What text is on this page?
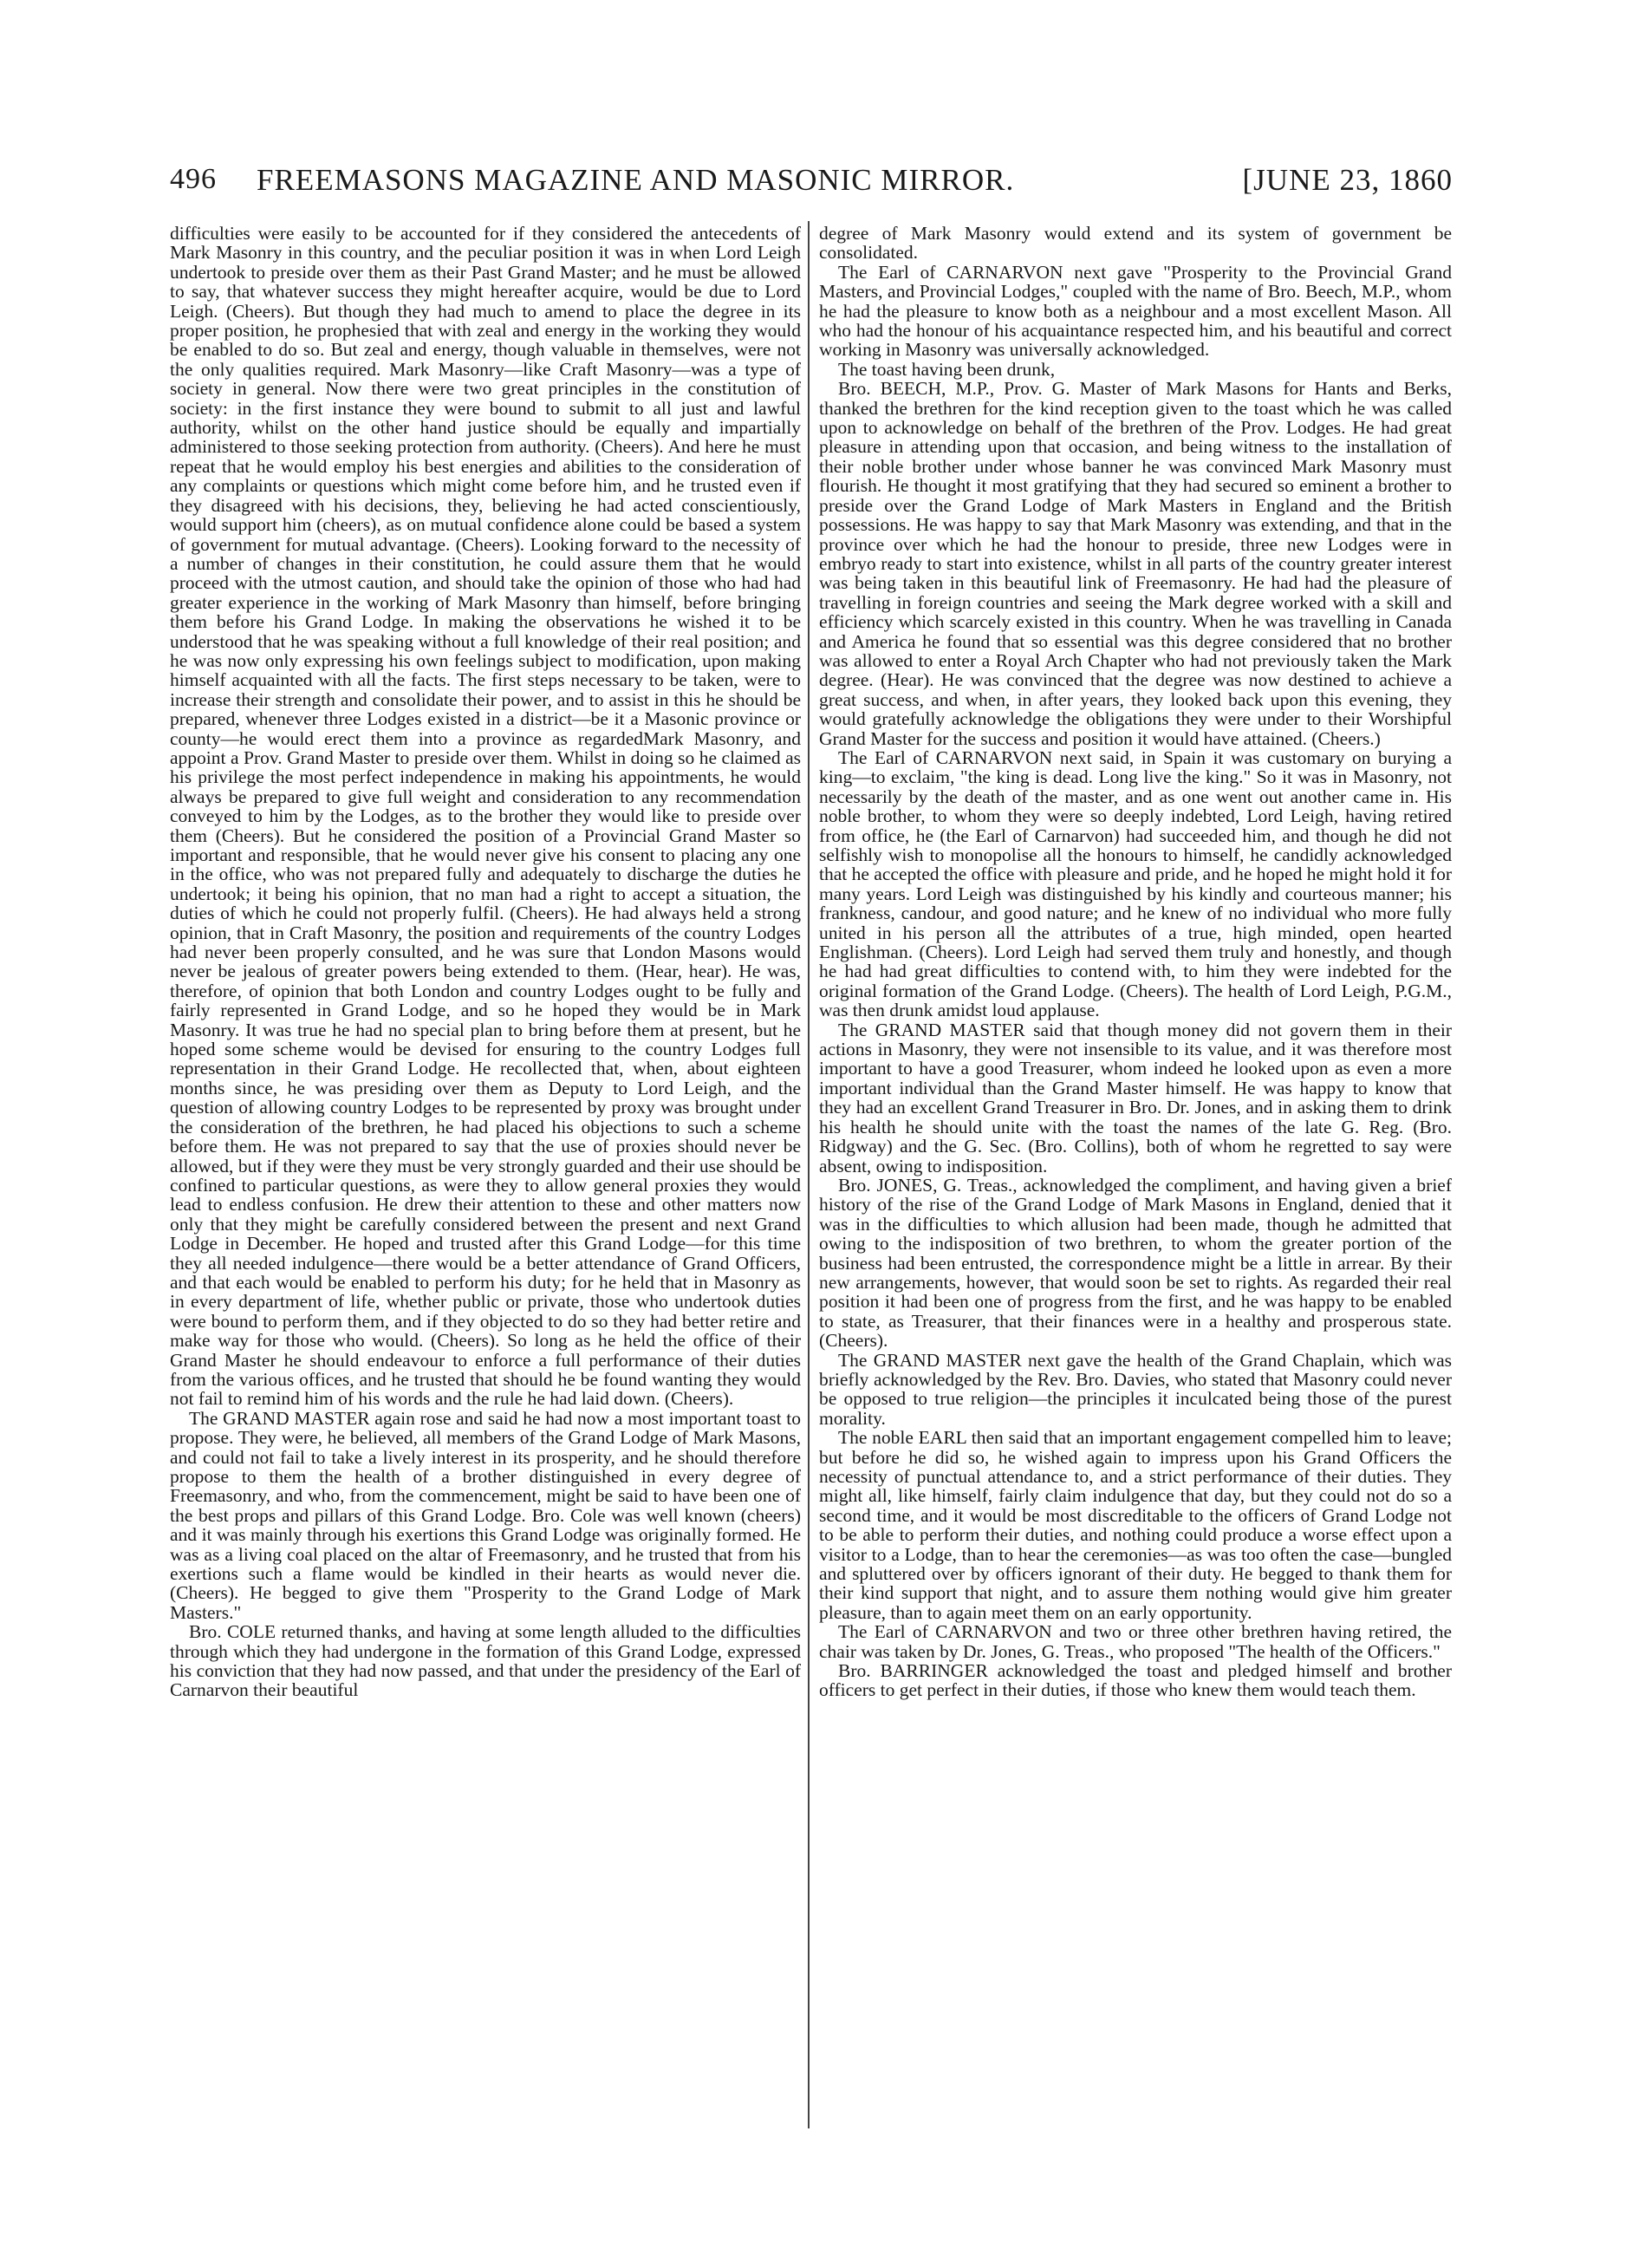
496 FREEMASONS MAGAZINE AND MASONIC MIRROR.	[JUNE 23, 1860

difficulties were easily to be accounted for if they considered the antecedents of Mark Masonry in this country, and the peculiar position it was in when Lord Leigh undertook to preside over them as their Past Grand Master; and he must be allowed to say, that whatever success they might hereafter acquire, would be due to Lord Leigh. (Cheers). But though they had much to amend to place the degree in its proper position, he prophesied that with zeal and energy in the working they would be enabled to do so. But zeal and energy, though valuable in themselves, were not the only qualities required. Mark Masonry—like Craft Masonry—was a type of society in general. Now there were two great principles in the constitution of society: in the first instance they were bound to submit to all just and lawful authority, whilst on the other hand justice should be equally and impartially administered to those seeking protection from authority. (Cheers). And here he must repeat that he would employ his best energies and abilities to the consideration of any complaints or questions which might come before him, and he trusted even if they disagreed with his decisions, they, believing he had acted conscientiously, would support him (cheers), as on mutual confidence alone could be based a system of government for mutual advantage. (Cheers). Looking forward to the necessity of a number of changes in their constitution, he could assure them that he would proceed with the utmost caution, and should take the opinion of those who had had greater experience in the working of Mark Masonry than himself, before bringing them before his Grand Lodge. In making the observations he wished it to be understood that he was speaking without a full knowledge of their real position; and he was now only expressing his own feelings subject to modification, upon making himself acquainted with all the facts. The first steps necessary to be taken, were to increase their strength and consolidate their power, and to assist in this he should be prepared, whenever three Lodges existed in a district—be it a Masonic province or county—he would erect them into a province as regardedMark Masonry, and appoint a Prov. Grand Master to preside over them. Whilst in doing so he claimed as his privilege the most perfect independence in making his appointments, he would always be prepared to give full weight and consideration to any recommendation conveyed to him by the Lodges, as to the brother they would like to preside over them (Cheers). But he considered the position of a Provincial Grand Master so important and responsible, that he would never give his consent to placing any one in the office, who was not prepared fully and adequately to discharge the duties he undertook; it being his opinion, that no man had a right to accept a situation, the duties of which he could not properly fulfil. (Cheers). He had always held a strong opinion, that in Craft Masonry, the position and requirements of the country Lodges had never been properly consulted, and he was sure that London Masons would never be jealous of greater powers being extended to them. (Hear, hear). He was, therefore, of opinion that both London and country Lodges ought to be fully and fairly represented in Grand Lodge, and so he hoped they would be in Mark Masonry. It was true he had no special plan to bring before them at present, but he hoped some scheme would be devised for ensuring to the country Lodges full representation in their Grand Lodge. He recollected that, when, about eighteen months since, he was presiding over them as Deputy to Lord Leigh, and the question of allowing country Lodges to be represented by proxy was brought under the consideration of the brethren, he had placed his objections to such a scheme before them. He was not prepared to say that the use of proxies should never be allowed, but if they were they must be very strongly guarded and their use should be confined to particular questions, as were they to allow general proxies they would lead to endless confusion. He drew their attention to these and other matters now only that they might be carefully considered between the present and next Grand Lodge in December. He hoped and trusted after this Grand Lodge—for this time they all needed indulgence—there would be a better attendance of Grand Officers, and that each would be enabled to perform his duty; for he held that in Masonry as in every department of life, whether public or private, those who undertook duties were bound to perform them, and if they objected to do so they had better retire and make way for those who would. (Cheers). So long as he held the office of their Grand Master he should endeavour to enforce a full performance of their duties from the various offices, and he trusted that should he be found wanting they would not fail to remind him of his words and the rule he had laid down. (Cheers).

The GRAND MASTER again rose and said he had now a most important toast to propose. They were, he believed, all members of the Grand Lodge of Mark Masons, and could not fail to take a lively interest in its prosperity, and he should therefore propose to them the health of a brother distinguished in every degree of Freemasonry, and who, from the commencement, might be said to have been one of the best props and pillars of this Grand Lodge. Bro. Cole was well known (cheers) and it was mainly through his exertions this Grand Lodge was originally formed. He was as a living coal placed on the altar of Freemasonry, and he trusted that from his exertions such a flame would be kindled in their hearts as would never die. (Cheers). He begged to give them "Prosperity to the Grand Lodge of Mark Masters."

Bro. COLE returned thanks, and having at some length alluded to the difficulties through which they had undergone in the formation of this Grand Lodge, expressed his conviction that they had now passed, and that under the presidency of the Earl of Carnarvon their beautiful

degree of Mark Masonry would extend and its system of government be consolidated.

The Earl of CARNARVON next gave "Prosperity to the Provincial Grand Masters, and Provincial Lodges," coupled with the name of Bro. Beech, M.P., whom he had the pleasure to know both as a neighbour and a most excellent Mason. All who had the honour of his acquaintance respected him, and his beautiful and correct working in Masonry was universally acknowledged.

The toast having been drunk,

Bro. BEECH, M.P., Prov. G. Master of Mark Masons for Hants and Berks, thanked the brethren for the kind reception given to the toast which he was called upon to acknowledge on behalf of the brethren of the Prov. Lodges. He had great pleasure in attending upon that occasion, and being witness to the installation of their noble brother under whose banner he was convinced Mark Masonry must flourish. He thought it most gratifying that they had secured so eminent a brother to preside over the Grand Lodge of Mark Masters in England and the British possessions. He was happy to say that Mark Masonry was extending, and that in the province over which he had the honour to preside, three new Lodges were in embryo ready to start into existence, whilst in all parts of the country greater interest was being taken in this beautiful link of Freemasonry. He had had the pleasure of travelling in foreign countries and seeing the Mark degree worked with a skill and efficiency which scarcely existed in this country. When he was travelling in Canada and America he found that so essential was this degree considered that no brother was allowed to enter a Royal Arch Chapter who had not previously taken the Mark degree. (Hear). He was convinced that the degree was now destined to achieve a great success, and when, in after years, they looked back upon this evening, they would gratefully acknowledge the obligations they were under to their Worshipful Grand Master for the success and position it would have attained. (Cheers.)

The Earl of CARNARVON next said, in Spain it was customary on burying a king—to exclaim, "the king is dead. Long live the king." So it was in Masonry, not necessarily by the death of the master, and as one went out another came in. His noble brother, to whom they were so deeply indebted, Lord Leigh, having retired from office, he (the Earl of Carnarvon) had succeeded him, and though he did not selfishly wish to monopolise all the honours to himself, he candidly acknowledged that he accepted the office with pleasure and pride, and he hoped he might hold it for many years. Lord Leigh was distinguished by his kindly and courteous manner; his frankness, candour, and good nature; and he knew of no individual who more fully united in his person all the attributes of a true, high minded, open hearted Englishman. (Cheers). Lord Leigh had served them truly and honestly, and though he had had great difficulties to contend with, to him they were indebted for the original formation of the Grand Lodge. (Cheers). The health of Lord Leigh, P.G.M., was then drunk amidst loud applause.

The GRAND MASTER said that though money did not govern them in their actions in Masonry, they were not insensible to its value, and it was therefore most important to have a good Treasurer, whom indeed he looked upon as even a more important individual than the Grand Master himself. He was happy to know that they had an excellent Grand Treasurer in Bro. Dr. Jones, and in asking them to drink his health he should unite with the toast the names of the late G. Reg. (Bro. Ridgway) and the G. Sec. (Bro. Collins), both of whom he regretted to say were absent, owing to indisposition.

Bro. JONES, G. Treas., acknowledged the compliment, and having given a brief history of the rise of the Grand Lodge of Mark Masons in England, denied that it was in the difficulties to which allusion had been made, though he admitted that owing to the indisposition of two brethren, to whom the greater portion of the business had been entrusted, the correspondence might be a little in arrear. By their new arrangements, however, that would soon be set to rights. As regarded their real position it had been one of progress from the first, and he was happy to be enabled to state, as Treasurer, that their finances were in a healthy and prosperous state. (Cheers).

The GRAND MASTER next gave the health of the Grand Chaplain, which was briefly acknowledged by the Rev. Bro. Davies, who stated that Masonry could never be opposed to true religion—the principles it inculcated being those of the purest morality.

The noble EARL then said that an important engagement compelled him to leave; but before he did so, he wished again to impress upon his Grand Officers the necessity of punctual attendance to, and a strict performance of their duties. They might all, like himself, fairly claim indulgence that day, but they could not do so a second time, and it would be most discreditable to the officers of Grand Lodge not to be able to perform their duties, and nothing could produce a worse effect upon a visitor to a Lodge, than to hear the ceremonies—as was too often the case—bungled and spluttered over by officers ignorant of their duty. He begged to thank them for their kind support that night, and to assure them nothing would give him greater pleasure, than to again meet them on an early opportunity.

The Earl of CARNARVON and two or three other brethren having retired, the chair was taken by Dr. Jones, G. Treas., who proposed "The health of the Officers."

Bro. BARRINGER acknowledged the toast and pledged himself and brother officers to get perfect in their duties, if those who knew them would teach them.
